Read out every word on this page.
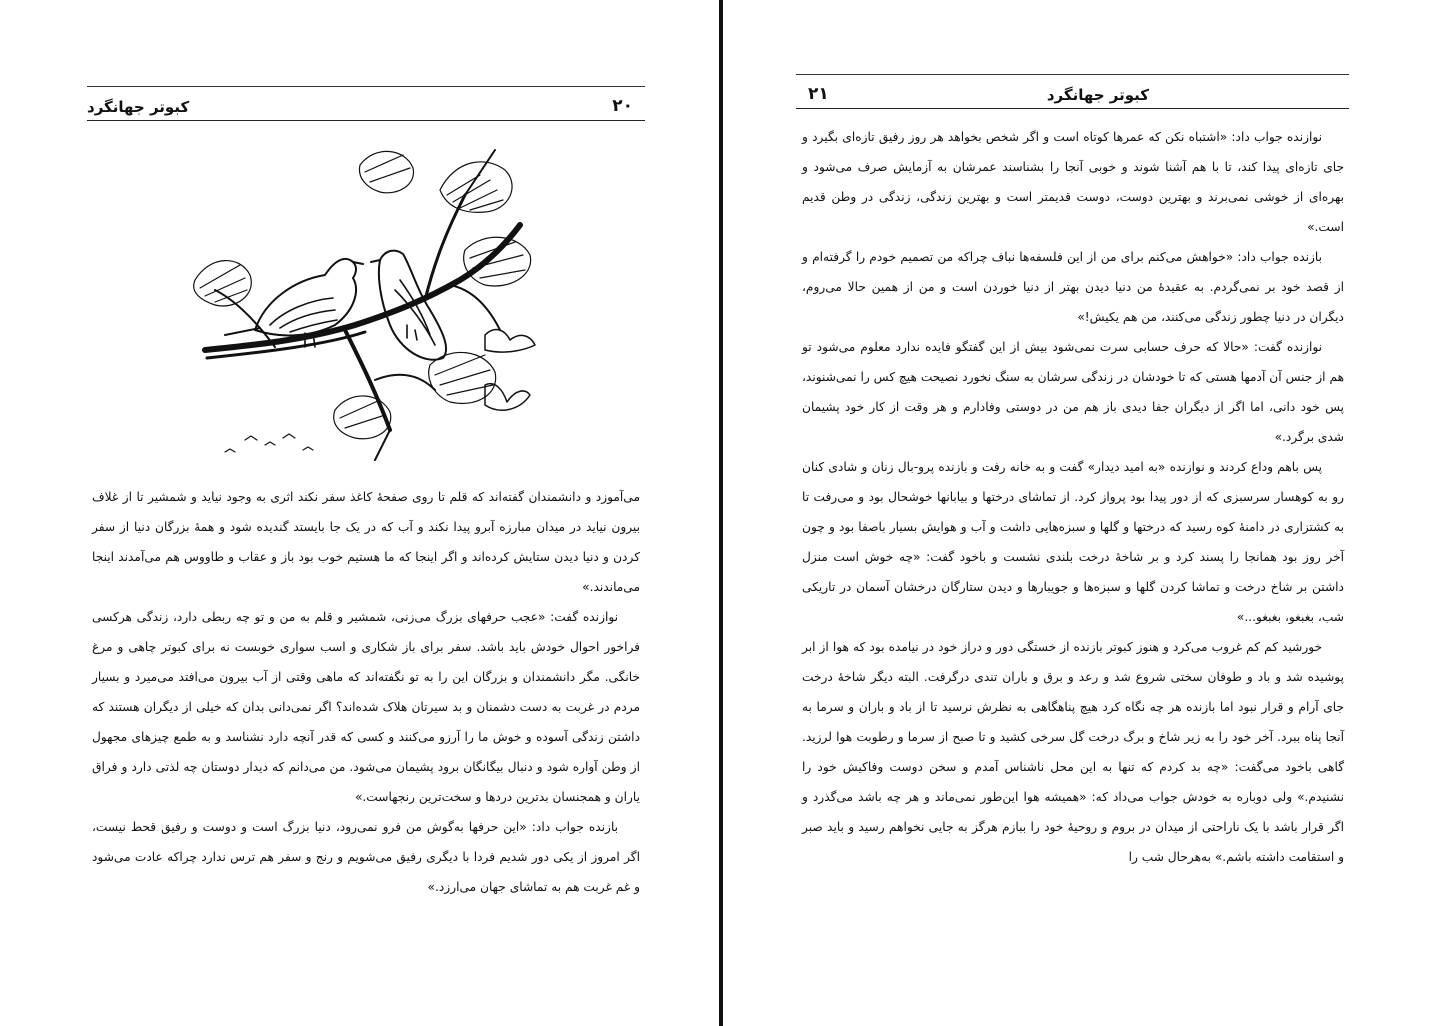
کبوتر جهانگرد	۲۰

می‌آموزد و دانشمندان گفته‌اند که قلم تا روی صفحهٔ کاغذ سفر نکند اثری به وجود نیاید و شمشیر تا از غلاف بیرون نیاید در میدان مبارزه آبرو پیدا نکند و آب که در یک جا بایستد گندیده شود و همهٔ بزرگان دنیا از سفر کردن و دنیا دیدن ستایش کرده‌اند و اگر اینجا که ما هستیم خوب بود باز و عقاب و طاووس هم می‌آمدند اینجا می‌ماندند.»

نوازنده گفت: «عجب حرفهای بزرگ می‌زنی، شمشیر و قلم به من و تو چه ربطی دارد، زندگی هرکسی فراخور احوال خودش باید باشد. سفر برای باز شکاری و اسب سواری خوبست نه برای کبوتر چاهی و مرغ خانگی. مگر دانشمندان و بزرگان این را به تو نگفته‌اند که ماهی وقتی از آب بیرون می‌افتد می‌میرد و بسیار مردم در غربت به دست دشمنان و بد سیرتان هلاک شده‌اند؟ اگر نمی‌دانی بدان که خیلی از دیگران هستند که داشتن زندگی آسوده و خوش ما را آرزو می‌کنند و کسی که قدر آنچه دارد نشناسد و به طمع چیزهای مجهول از وطن آواره شود و دنبال بیگانگان برود پشیمان می‌شود. من می‌دانم که دیدار دوستان چه لذتی دارد و فراق یاران و همجنسان بدترین دردها و سخت‌ترین رنجهاست.»

بازنده جواب داد: «این حرفها به‌گوش من فرو نمی‌رود، دنیا بزرگ است و دوست و رفیق قحط نیست، اگر امروز از یکی دور شدیم فردا با دیگری رفیق می‌شویم و رنج و سفر هم ترس ندارد چراکه عادت می‌شود و غم غربت هم به تماشای جهان می‌ارزد.»

۲۱	کبوتر جهانگرد

نوازنده جواب داد: «اشتباه نکن که عمرها کوتاه است و اگر شخص بخواهد هر روز رفیق تازه‌ای بگیرد و جای تازه‌ای پیدا کند، تا با هم آشنا شوند و خوبی آنجا را بشناسند عمرشان به آزمایش صرف می‌شود و بهره‌ای از خوشی نمی‌برند و بهترین دوست، دوست قدیمتر است و بهترین زندگی، زندگی در وطن قدیم است.»

بازنده جواب داد: «خواهش می‌کنم برای من از این فلسفه‌ها نباف چراکه من تصمیم خودم را گرفته‌ام و از قصد خود بر نمی‌گردم. به عقیدهٔ من دنیا دیدن بهتر از دنیا خوردن است و من از همین حالا می‌روم، دیگران در دنیا چطور زندگی می‌کنند، من هم یکیش!»

نوازنده گفت: «حالا که حرف حسابی سرت نمی‌شود بیش از این گفتگو فایده ندارد معلوم می‌شود تو هم از جنس آن آدمها هستی که تا خودشان در زندگی سرشان به سنگ نخورد نصیحت هیچ کس را نمی‌شنوند، پس خود دانی، اما اگر از دیگران جفا دیدی باز هم من در دوستی وفادارم و هر وقت از کار خود پشیمان شدی برگرد.»

پس باهم وداع کردند و نوازنده «به امید دیدار» گفت و به خانه رفت و بازنده پرو-بال زنان و شادی کنان رو به کوهسار سرسبزی که از دور پیدا بود پرواز کرد. از تماشای درختها و بیابانها خوشحال بود و می‌رفت تا به کشتزاری در دامنهٔ کوه رسید که درختها و گلها و سبزه‌هایی داشت و آب و هوایش بسیار باصفا بود و چون آخر روز بود همانجا را پسند کرد و بر شاخهٔ درخت بلندی نشست و باخود گفت: «چه خوش است منزل داشتن بر شاخ درخت و تماشا کردن گلها و سبزه‌ها و جویبارها و دیدن ستارگان درخشان آسمان در تاریکی شب، بغبغو، بغبغو...»

خورشید کم کم غروب می‌کرد و هنوز کبوتر بازنده از خستگی دور و دراز خود در نیامده بود که هوا از ابر پوشیده شد و باد و طوفان سختی شروع شد و رعد و برق و باران تندی درگرفت. البته دیگر شاخهٔ درخت جای آرام و قرار نبود اما بازنده هر چه نگاه کرد هیچ پناهگاهی به نظرش نرسید تا از باد و باران و سرما به آنجا پناه ببرد. آخر خود را به زیر شاخ و برگ درخت گل سرخی کشید و تا صبح از سرما و رطوبت هوا لرزید. گاهی باخود می‌گفت: «چه بد کردم که تنها به این محل ناشناس آمدم و سخن دوست وفاکیش خود را نشنیدم.» ولی دوباره به خودش جواب می‌داد که: «همیشه هوا این‌طور نمی‌ماند و هر چه باشد می‌گذرد و اگر قرار باشد با یک ناراحتی از میدان در بروم و روحیهٔ خود را ببازم هرگز به جایی نخواهم رسید و باید صبر و استقامت داشته باشم.» به‌هرحال شب را
